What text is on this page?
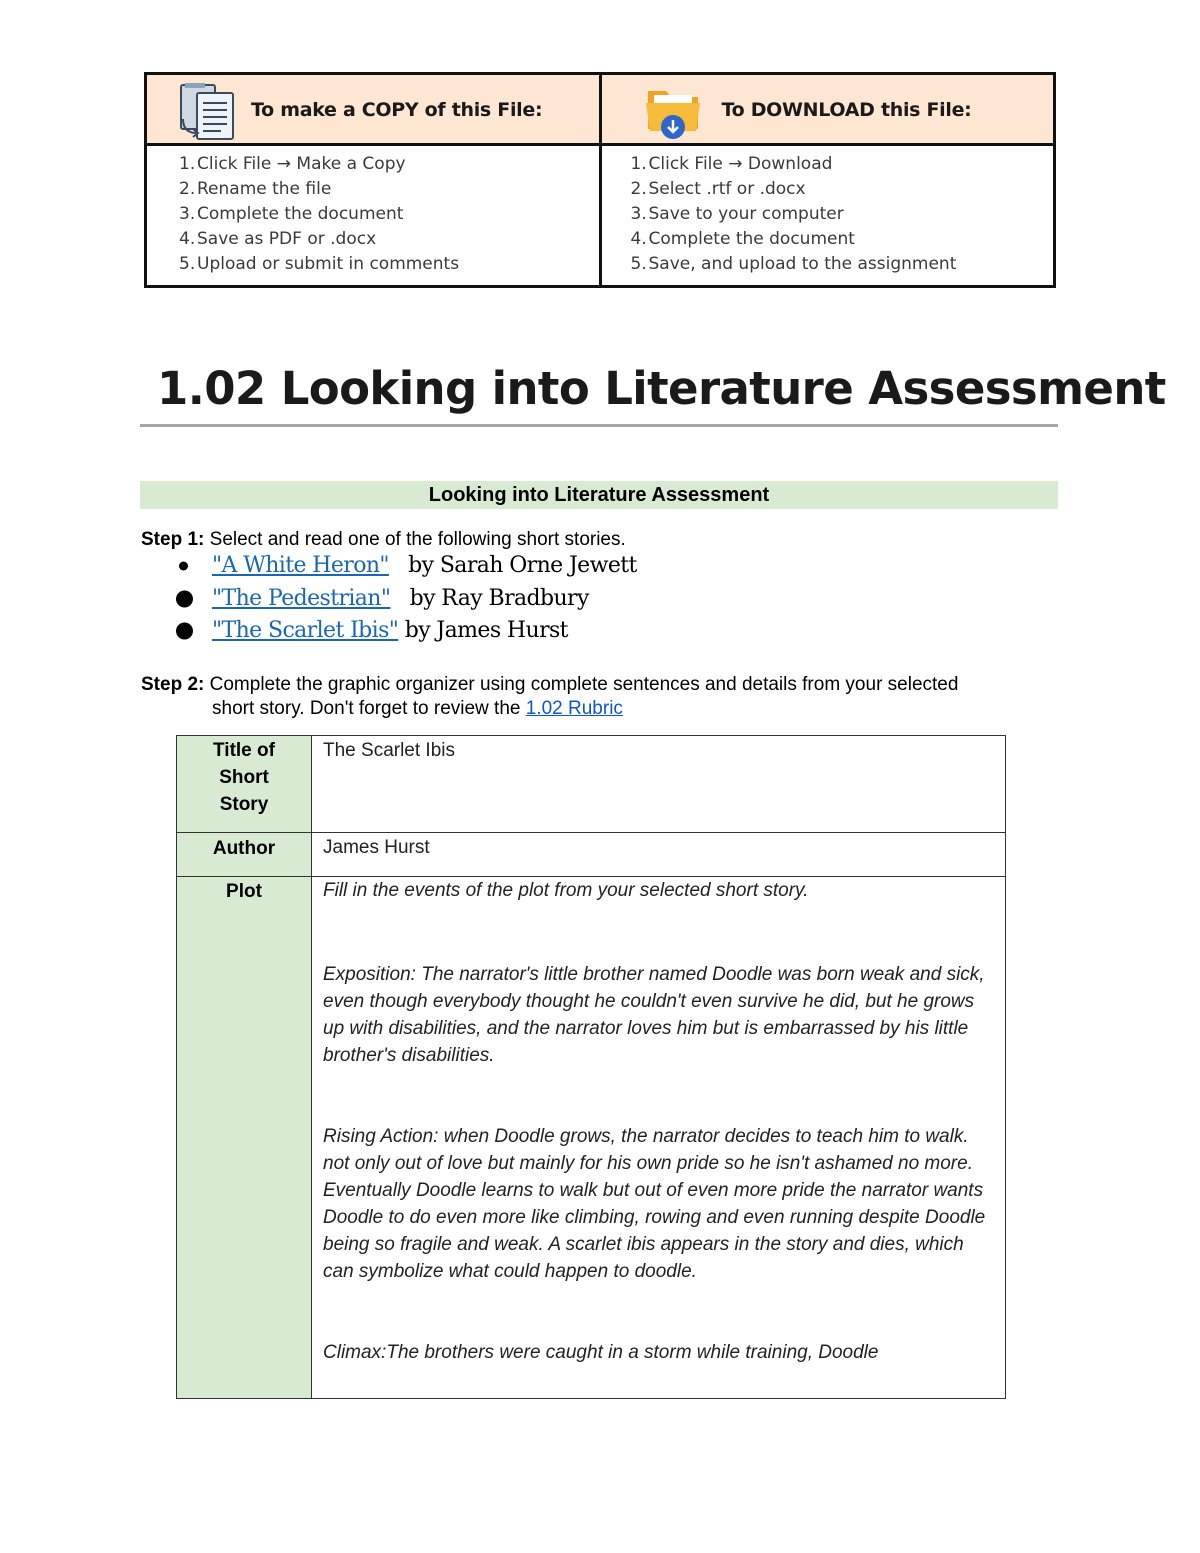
To make a COPY of this File:
1. Click File → Make a Copy
2. Rename the file
3. Complete the document
4. Save as PDF or .docx
5. Upload or submit in comments
To DOWNLOAD this File:
1. Click File → Download
2. Select .rtf or .docx
3. Save to your computer
4. Complete the document
5. Save, and upload to the assignment
1.02 Looking into Literature Assessment
Looking into Literature Assessment
Step 1: Select and read one of the following short stories.
"A White Heron" by Sarah Orne Jewett
"The Pedestrian" by Ray Bradbury
"The Scarlet Ibis" by James Hurst
Step 2: Complete the graphic organizer using complete sentences and details from your selected
short story. Don't forget to review the 1.02 Rubric
Title of Short Story	The Scarlet Ibis
Author	James Hurst
Plot	Fill in the events of the plot from your selected short story.

Exposition: The narrator's little brother named Doodle was born weak and sick, even though everybody thought he couldn't even survive he did, but he grows up with disabilities, and the narrator loves him but is embarrassed by his little brother's disabilities.

Rising Action: when Doodle grows, the narrator decides to teach him to walk. not only out of love but mainly for his own pride so he isn't ashamed no more. Eventually Doodle learns to walk but out of even more pride the narrator wants Doodle to do even more like climbing, rowing and even running despite Doodle being so fragile and weak. A scarlet ibis appears in the story and dies, which can symbolize what could happen to doodle.

Climax:The brothers were caught in a storm while training, Doodle
